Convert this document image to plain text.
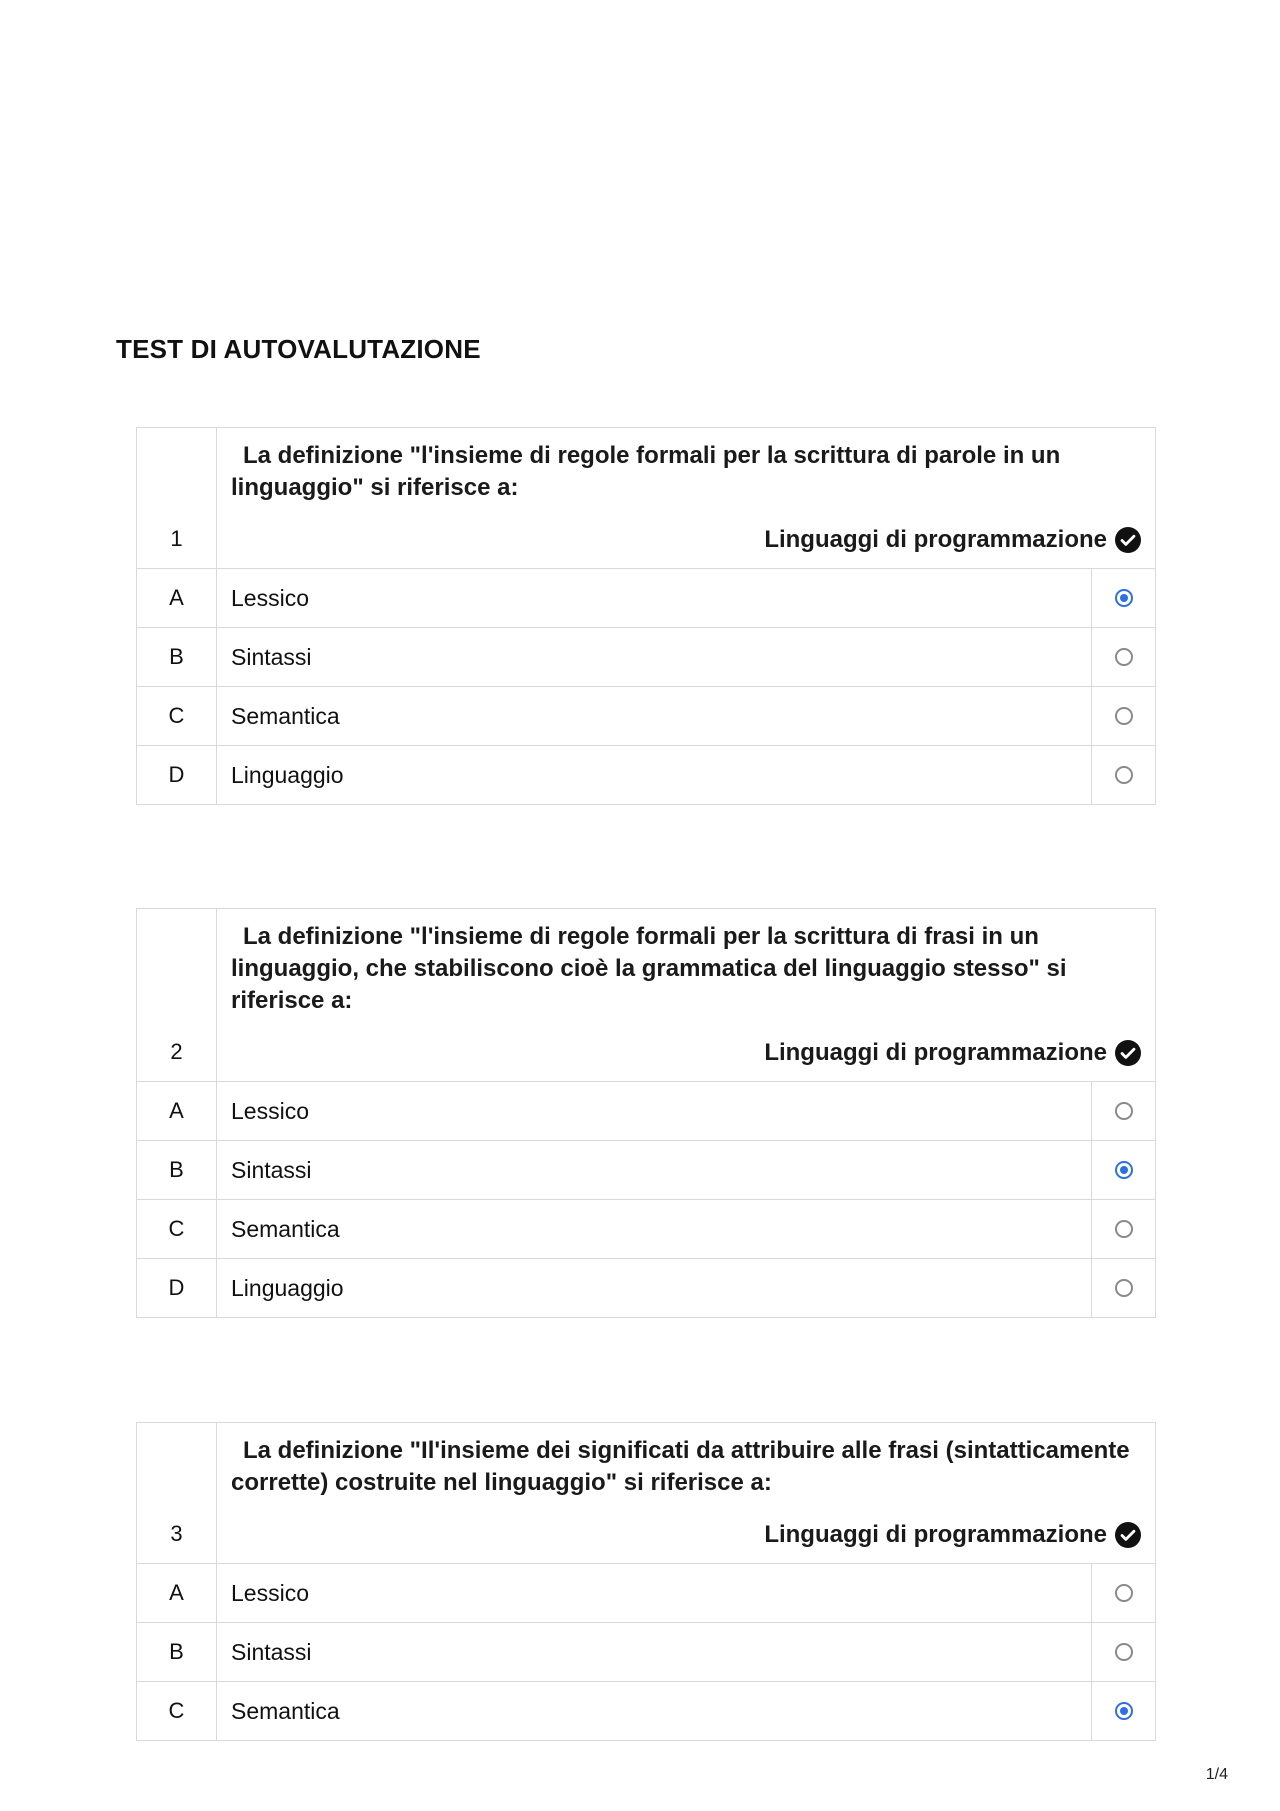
TEST DI AUTOVALUTAZIONE
1	La definizione "l'insieme di regole formali per la scrittura di parole in un linguaggio" si riferisce a:

Linguaggi di programmazione	

A	Lessico	
B	Sintassi	
C	Semantica	
D	Linguaggio	
2	La definizione "l'insieme di regole formali per la scrittura di frasi in un linguaggio, che stabiliscono cioè la grammatica del linguaggio stesso" si riferisce a:

Linguaggi di programmazione	

A	Lessico	
B	Sintassi	
C	Semantica	
D	Linguaggio	
3	La definizione "Il'insieme dei significati da attribuire alle frasi (sintatticamente corrette) costruite nel linguaggio" si riferisce a:

Linguaggi di programmazione	

A	Lessico	
B	Sintassi	
C	Semantica	
1/4
